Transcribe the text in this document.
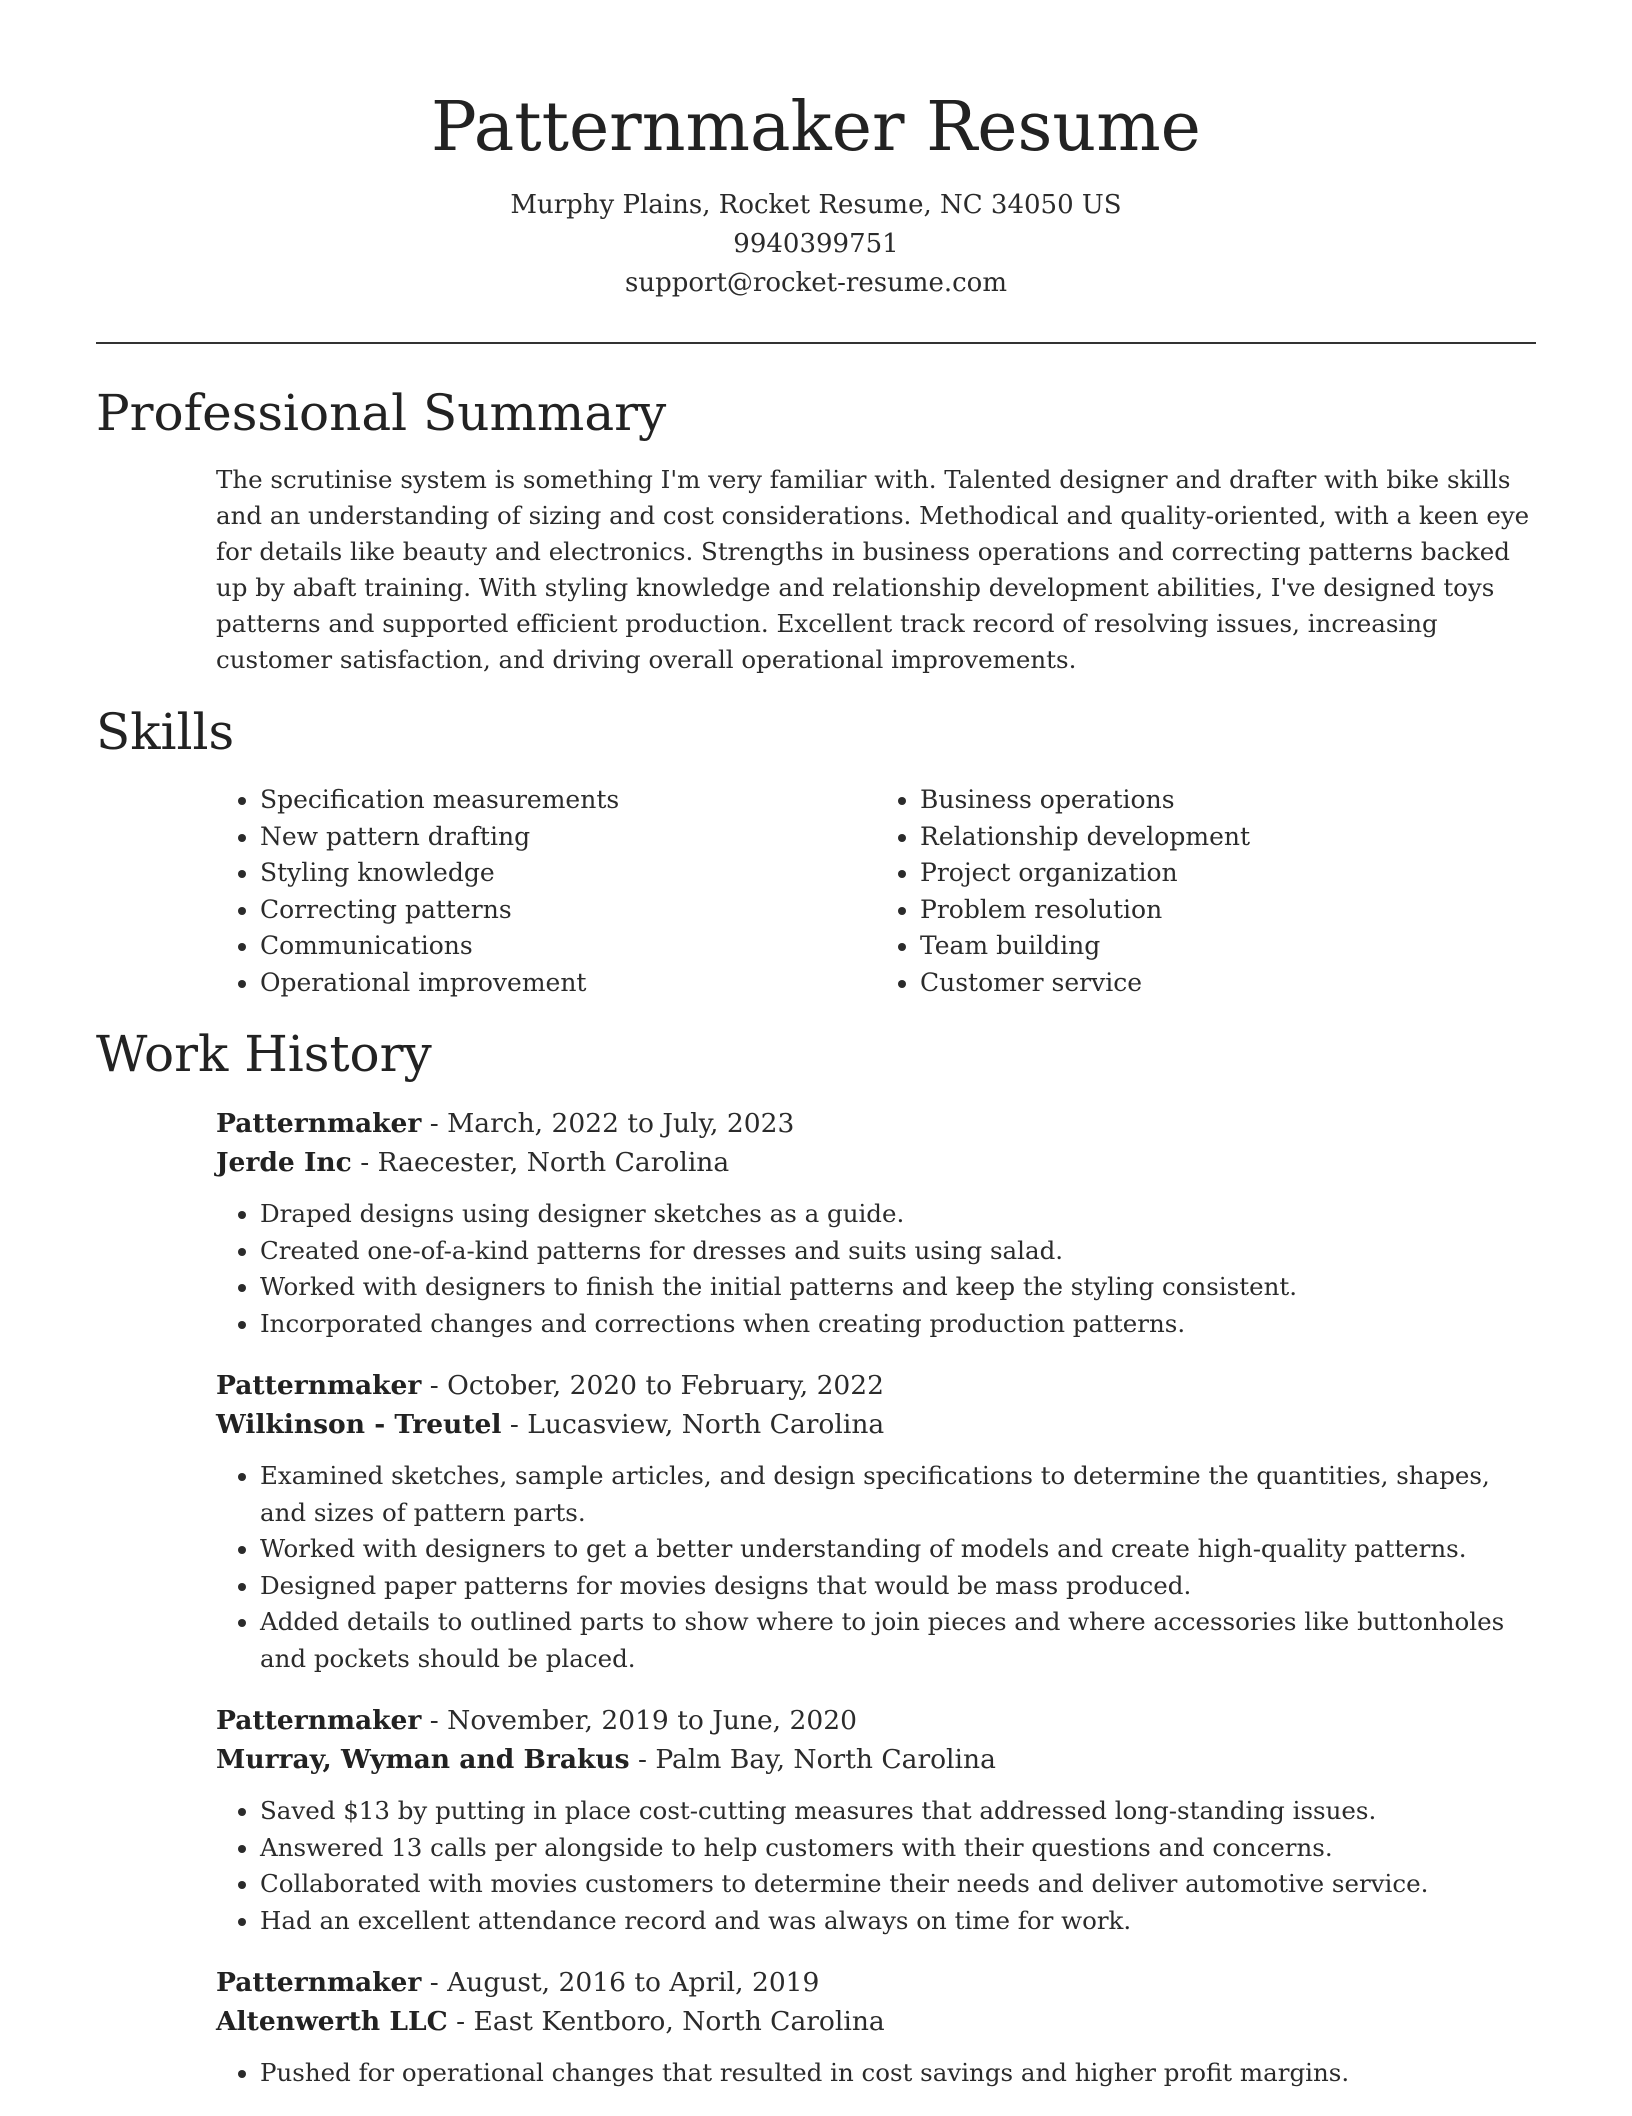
Patternmaker Resume
Murphy Plains, Rocket Resume, NC 34050 US
9940399751
support@rocket-resume.com
Professional Summary

The scrutinise system is something I'm very familiar with. Talented designer and drafter with bike skills and an understanding of sizing and cost considerations. Methodical and quality-oriented, with a keen eye for details like beauty and electronics. Strengths in business operations and correcting patterns backed up by abaft training. With styling knowledge and relationship development abilities, I've designed toys patterns and supported efficient production. Excellent track record of resolving issues, increasing customer satisfaction, and driving overall operational improvements.

Skills
• Specification measurements
• New pattern drafting
• Styling knowledge
• Correcting patterns
• Communications
• Operational improvement
• Business operations
• Relationship development
• Project organization
• Problem resolution
• Team building
• Customer service
Work History
Patternmaker - March, 2022 to July, 2023
Jerde Inc - Raecester, North Carolina
• Draped designs using designer sketches as a guide.
• Created one-of-a-kind patterns for dresses and suits using salad.
• Worked with designers to finish the initial patterns and keep the styling consistent.
• Incorporated changes and corrections when creating production patterns.
Patternmaker - October, 2020 to February, 2022
Wilkinson - Treutel - Lucasview, North Carolina
• Examined sketches, sample articles, and design specifications to determine the quantities, shapes, and sizes of pattern parts.
• Worked with designers to get a better understanding of models and create high-quality patterns.
• Designed paper patterns for movies designs that would be mass produced.
• Added details to outlined parts to show where to join pieces and where accessories like buttonholes and pockets should be placed.
Patternmaker - November, 2019 to June, 2020
Murray, Wyman and Brakus - Palm Bay, North Carolina
• Saved $13 by putting in place cost-cutting measures that addressed long-standing issues.
• Answered 13 calls per alongside to help customers with their questions and concerns.
• Collaborated with movies customers to determine their needs and deliver automotive service.
• Had an excellent attendance record and was always on time for work.
Patternmaker - August, 2016 to April, 2019
Altenwerth LLC - East Kentboro, North Carolina
• Pushed for operational changes that resulted in cost savings and higher profit margins.
